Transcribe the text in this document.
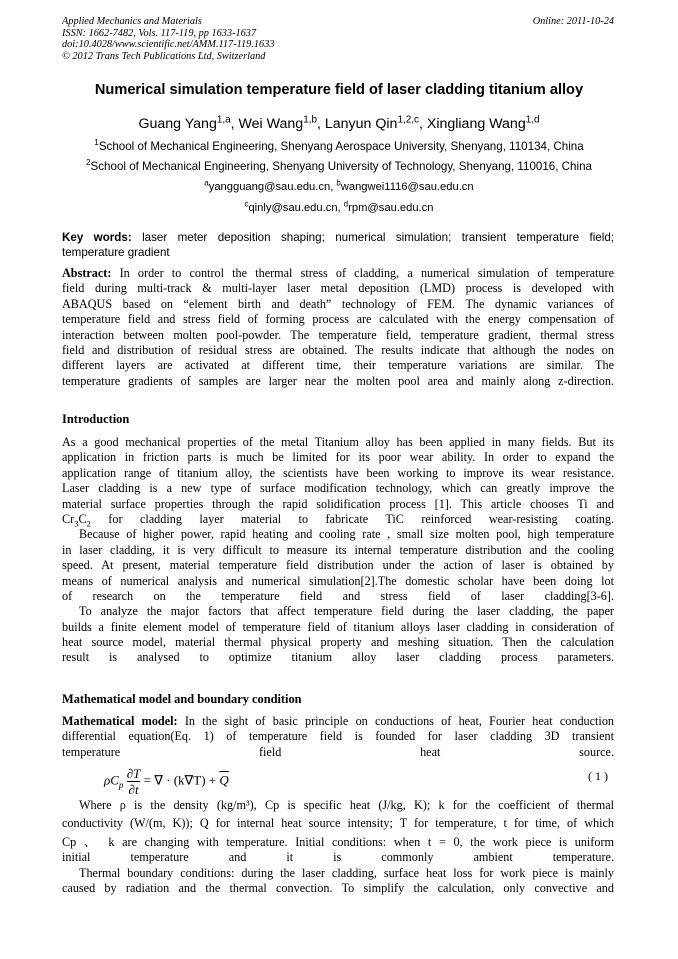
Applied Mechanics and Materials
ISSN: 1662-7482, Vols. 117-119, pp 1633-1637
doi:10.4028/www.scientific.net/AMM.117-119.1633
© 2012 Trans Tech Publications Ltd, Switzerland
Online: 2011-10-24
Numerical simulation temperature field of laser cladding titanium alloy
Guang Yang$^{1,a}$, Wei Wang$^{1,b}$, Lanyun Qin$^{1,2,c}$, Xingliang Wang$^{1,d}$
$^1$School of Mechanical Engineering, Shenyang Aerospace University, Shenyang, 110134, China
$^2$School of Mechanical Engineering, Shenyang University of Technology, Shenyang, 110016, China
$^a$yangguang@sau.edu.cn, $^b$wangwei1116@sau.edu.cn
$^c$qinly@sau.edu.cn, $^d$rpm@sau.edu.cn
Key words: laser meter deposition shaping; numerical simulation; transient temperature field;
temperature gradient
Abstract: In order to control the thermal stress of cladding, a numerical simulation of temperature
field during multi-track & multi-layer laser metal deposition (LMD) process is developed with
ABAQUS based on “element birth and death” technology of FEM. The dynamic variances of
temperature field and stress field of forming process are calculated with the energy compensation of
interaction between molten pool-powder. The temperature field, temperature gradient, thermal stress
field and distribution of residual stress are obtained. The results indicate that although the nodes on
different layers are activated at different time, their temperature variations are similar. The
temperature gradients of samples are larger near the molten pool area and mainly along z-direction.
Introduction
As a good mechanical properties of the metal Titanium alloy has been applied in many fields. But its
application in friction parts is much be limited for its poor wear ability. In order to expand the
application range of titanium alloy, the scientists have been working to improve its wear resistance.
Laser cladding is a new type of surface modification technology, which can greatly improve the
material surface properties through the rapid solidification process [1]. This article chooses Ti and
$Cr_3C_2$ for cladding layer material to fabricate TiC reinforced wear-resisting coating.
Because of higher power, rapid heating and cooling rate , small size molten pool, high temperature
in laser cladding, it is very difficult to measure its internal temperature distribution and the cooling
speed. At present, material temperature field distribution under the action of laser is obtained by
means of numerical analysis and numerical simulation[2].The domestic scholar have been doing lot
of research on the temperature field and stress field of laser cladding[3-6].
To analyze the major factors that affect temperature field during the laser cladding, the paper
builds a finite element model of temperature field of titanium alloys laser cladding in consideration of
heat source model, material thermal physical property and meshing situation. Then the calculation
result is analysed to optimize titanium alloy laser cladding process parameters.
Mathematical model and boundary condition
Mathematical model: In the sight of basic principle on conductions of heat, Fourier heat conduction
differential equation(Eq. 1) of temperature field is founded for laser cladding 3D transient
temperature field heat source.
$\rho C_p \frac{\partial T}{\partial t}$ = ∇ · $(k\nabla T) + \overline{Q}$	( 1 )
Where ρ is the density (kg/m³), Cp is specific heat (J/kg, K); k for the coefficient of thermal
conductivity (W/(m, K)); Q for internal heat source intensity; T for temperature, t for time, of which
Cp 、 k are changing with temperature. Initial conditions: when t = 0, the work piece is uniform
initial temperature and it is commonly ambient temperature.
Thermal boundary conditions: during the laser cladding, surface heat loss for work piece is mainly
caused by radiation and the thermal convection. To simplify the calculation, only convective and
